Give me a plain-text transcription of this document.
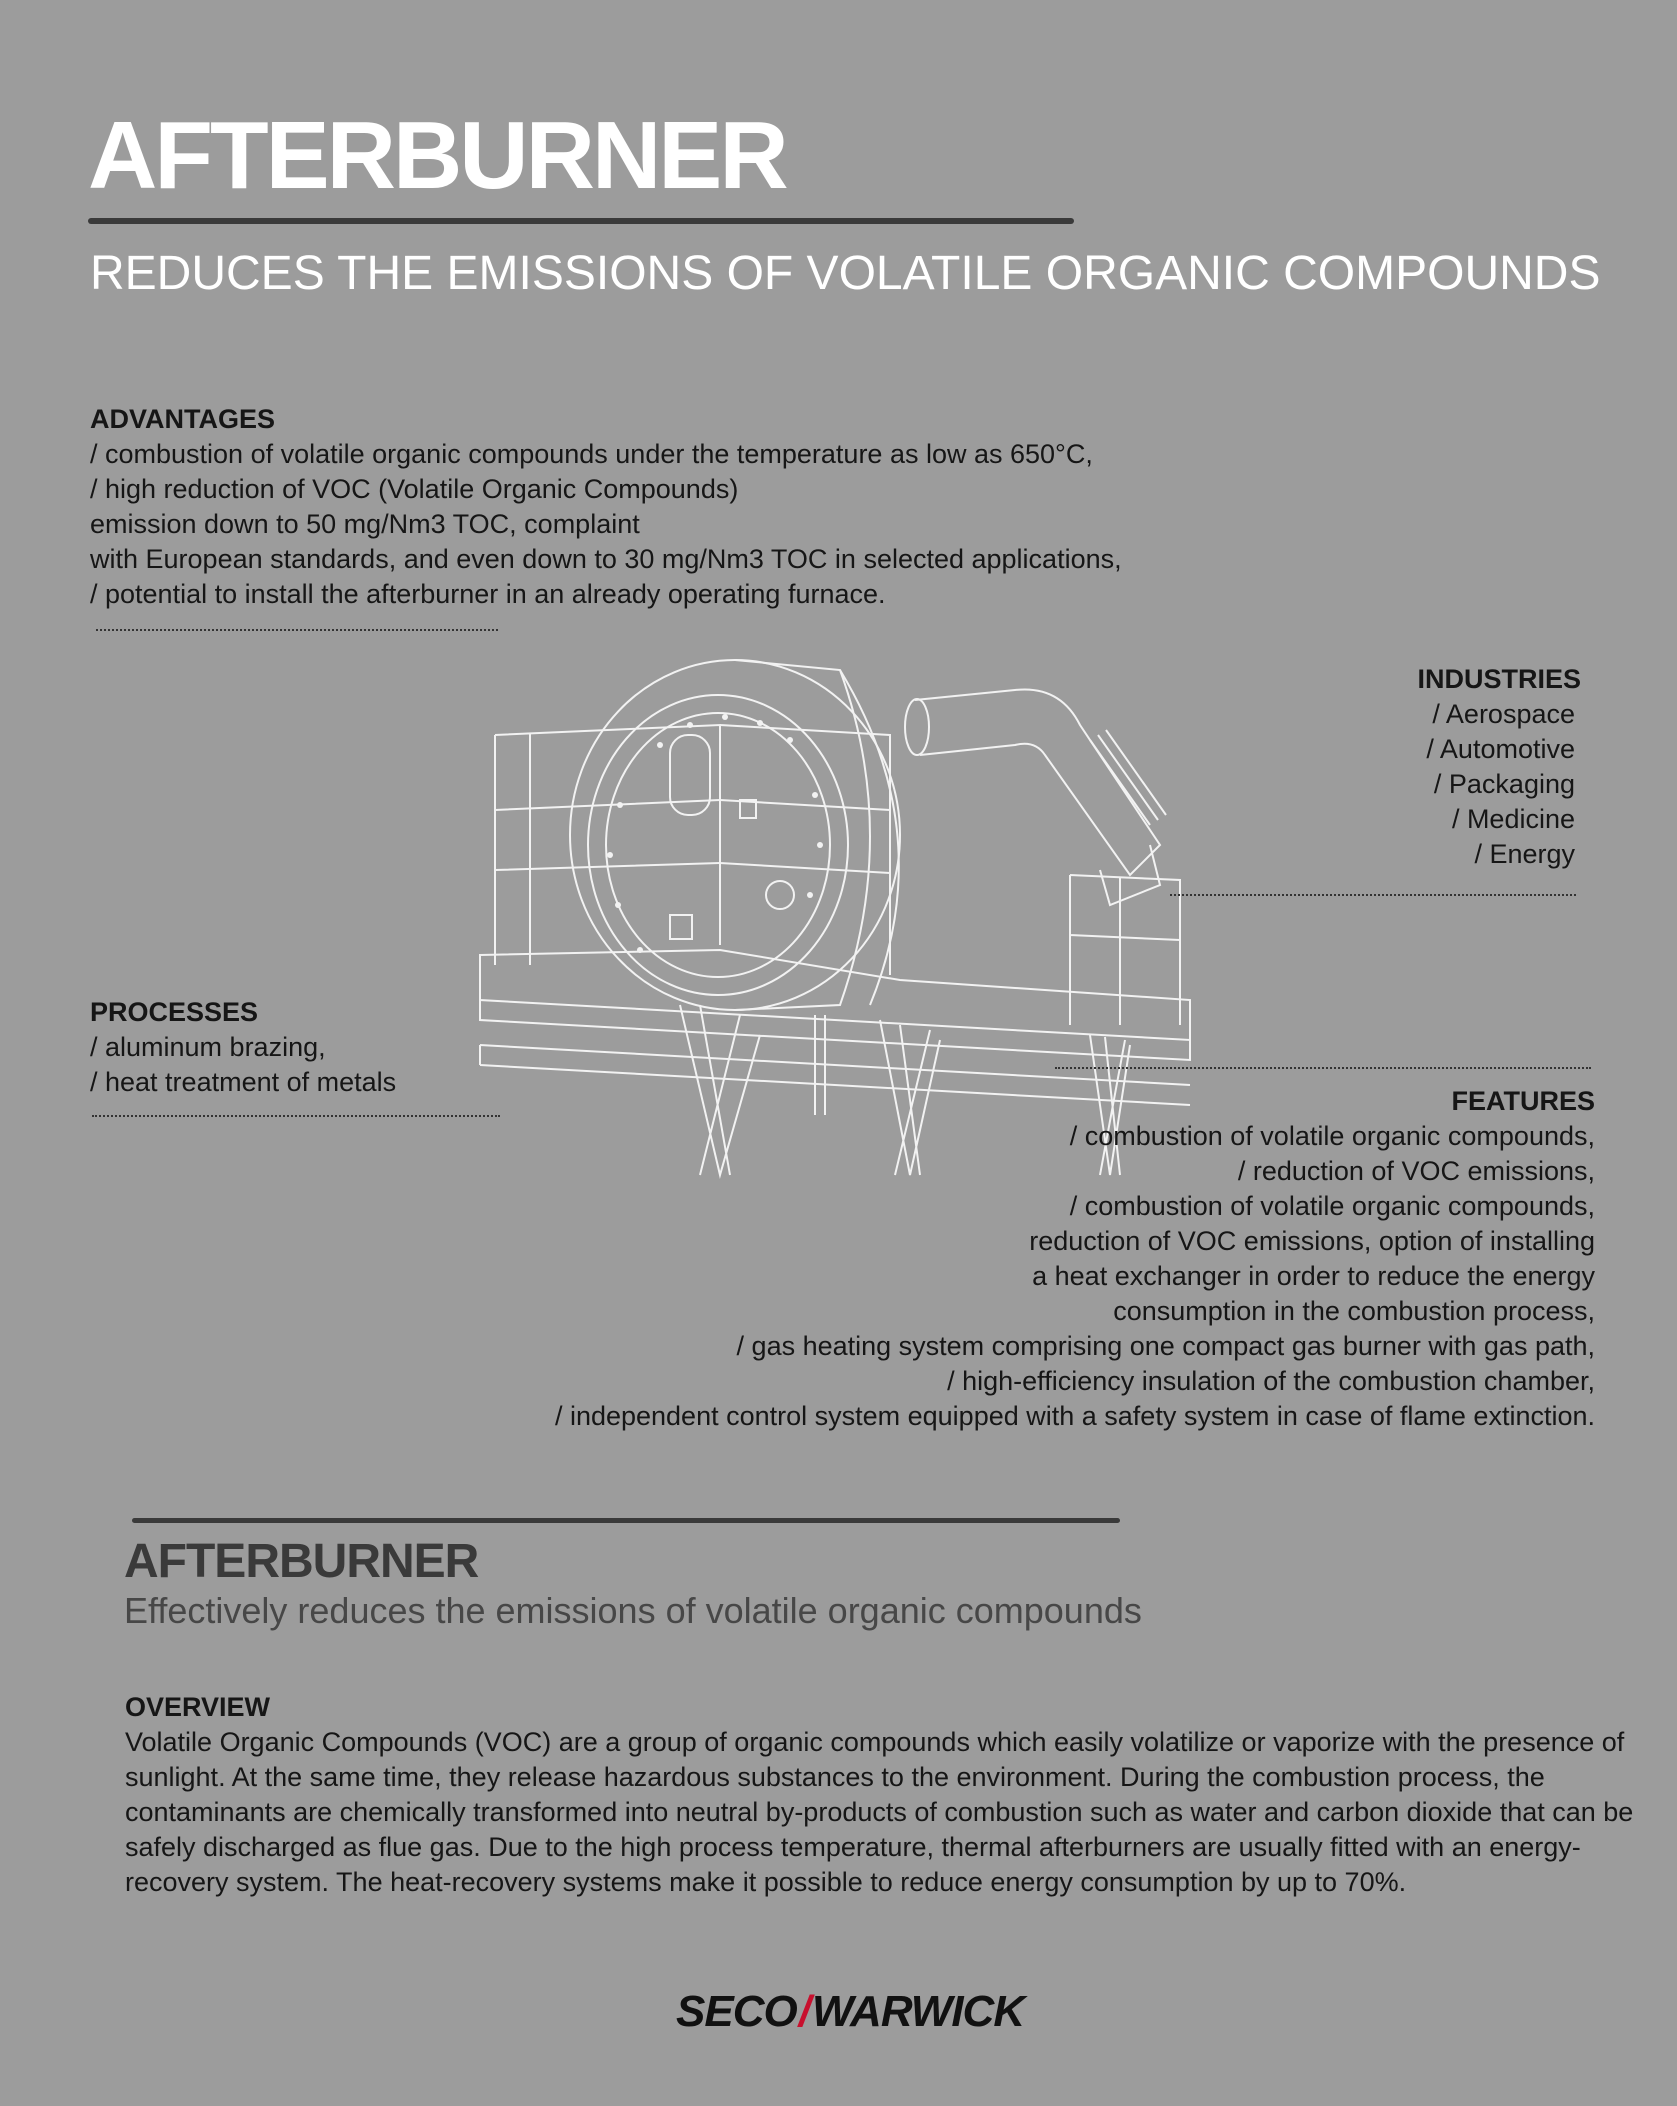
AFTERBURNER
REDUCES THE EMISSIONS OF VOLATILE ORGANIC COMPOUNDS
ADVANTAGES

/ combustion of volatile organic compounds under the temperature as low as 650°C,

/ high reduction of VOC (Volatile Organic Compounds)

emission down to 50 mg/Nm3 TOC, complaint

with European standards, and even down to 30 mg/Nm3 TOC in selected applications,

/ potential to install the afterburner in an already operating furnace.

INDUSTRIES

/ Aerospace

/ Automotive

/ Packaging

/ Medicine

/ Energy

PROCESSES

/ aluminum brazing,

/ heat treatment of metals

FEATURES

/ combustion of volatile organic compounds,

/ reduction of VOC emissions,

/ combustion of volatile organic compounds,

reduction of VOC emissions, option of installing

a heat exchanger in order to reduce the energy

consumption in the combustion process,

/ gas heating system comprising one compact gas burner with gas path,

/ high-efficiency insulation of the combustion chamber,

/ independent control system equipped with a safety system in case of flame extinction.

AFTERBURNER
Effectively reduces the emissions of volatile organic compounds
OVERVIEW

Volatile Organic Compounds (VOC) are a group of organic compounds which easily volatilize or vaporize with the presence of sunlight. At the same time, they release hazardous substances to the environment. During the combustion process, the contaminants are chemically transformed into neutral by-products of combustion such as water and carbon dioxide that can be safely discharged as flue gas. Due to the high process temperature, thermal afterburners are usually fitted with an energy-recovery system. The heat-recovery systems make it possible to reduce energy consumption by up to 70%.

SECO/WARWICK
